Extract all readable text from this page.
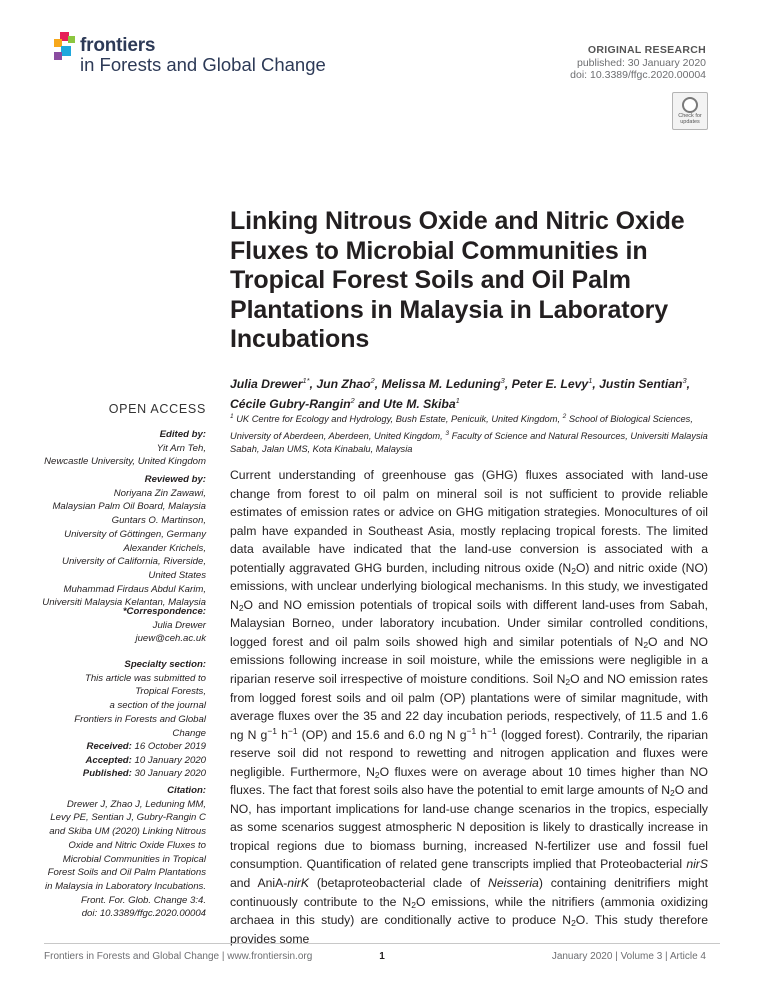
frontiers
in Forests and Global Change
ORIGINAL RESEARCH
published: 30 January 2020
doi: 10.3389/ffgc.2020.00004
Check for updates
Linking Nitrous Oxide and Nitric Oxide Fluxes to Microbial Communities in Tropical Forest Soils and Oil Palm Plantations in Malaysia in Laboratory Incubations
Julia Drewer$^{1*}$, Jun Zhao$^2$, Melissa M. Leduning$^3$, Peter E. Levy$^1$, Justin Sentian$^3$,
Cécile Gubry-Rangin$^2$ and Ute M. Skiba$^1$
$^1$ UK Centre for Ecology and Hydrology, Bush Estate, Penicuik, United Kingdom, $^2$ School of Biological Sciences, University of Aberdeen, Aberdeen, United Kingdom, $^3$ Faculty of Science and Natural Resources, Universiti Malaysia Sabah, Jalan UMS, Kota Kinabalu, Malaysia
OPEN ACCESS
Edited by:
Yit Arn Teh,
Newcastle University, United Kingdom
Reviewed by:
Noriyana Zin Zawawi,
Malaysian Palm Oil Board, Malaysia
Guntars O. Martinson,
University of Göttingen, Germany
Alexander Krichels,
University of California, Riverside,
United States
Muhammad Firdaus Abdul Karim,
Universiti Malaysia Kelantan, Malaysia
*Correspondence:
Julia Drewer
juew@ceh.ac.uk
Specialty section:
This article was submitted to
Tropical Forests,
a section of the journal
Frontiers in Forests and Global
Change
Received: 16 October 2019
Accepted: 10 January 2020
Published: 30 January 2020
Citation:
Drewer J, Zhao J, Leduning MM,
Levy PE, Sentian J, Gubry-Rangin C
and Skiba UM (2020) Linking Nitrous
Oxide and Nitric Oxide Fluxes to
Microbial Communities in Tropical
Forest Soils and Oil Palm Plantations
in Malaysia in Laboratory Incubations.
Front. For. Glob. Change 3:4.
doi: 10.3389/ffgc.2020.00004
Current understanding of greenhouse gas (GHG) fluxes associated with land-use change from forest to oil palm on mineral soil is not sufficient to provide reliable estimates of emission rates or advice on GHG mitigation strategies. Monocultures of oil palm have expanded in Southeast Asia, mostly replacing tropical forests. The limited data available have indicated that the land-use conversion is associated with a potentially aggravated GHG burden, including nitrous oxide $(N_2O)$ and nitric oxide (NO) emissions, with unclear underlying biological mechanisms. In this study, we investigated $N_2O$ and NO emission potentials of tropical soils with different land-uses from Sabah, Malaysian Borneo, under laboratory incubation. Under similar controlled conditions, logged forest and oil palm soils showed high and similar potentials of $N_2O$ and NO emissions following increase in soil moisture, while the emissions were negligible in a riparian reserve soil irrespective of moisture conditions. Soil $N_2O$ and NO emission rates from logged forest soils and oil palm (OP) plantations were of similar magnitude, with average fluxes over the 35 and 22 day incubation periods, respectively, of 11.5 and 1.6 ng N $g^{-1}$ $h^{-1}$ (OP) and 15.6 and 6.0 ng N $g^{-1}$ $h^{-1}$ (logged forest). Contrarily, the riparian reserve soil did not respond to rewetting and nitrogen application and fluxes were negligible. Furthermore, $N_2O$ fluxes were on average about 10 times higher than NO fluxes. The fact that forest soils also have the potential to emit large amounts of $N_2O$ and NO, has important implications for land-use change scenarios in the tropics, especially as some scenarios suggest atmospheric N deposition is likely to drastically increase in tropical regions due to biomass burning, increased N-fertilizer use and fossil fuel consumption. Quantification of related gene transcripts implied that Proteobacterial nirS and AniA-nirK (betaproteobacterial clade of Neisseria) containing denitrifiers might continuously contribute to the $N_2O$ emissions, while the nitrifiers (ammonia oxidizing archaea in this study) are conditionally active to produce $N_2O$. This study therefore provides some
Frontiers in Forests and Global Change | www.frontiersin.org	1	January 2020 | Volume 3 | Article 4
